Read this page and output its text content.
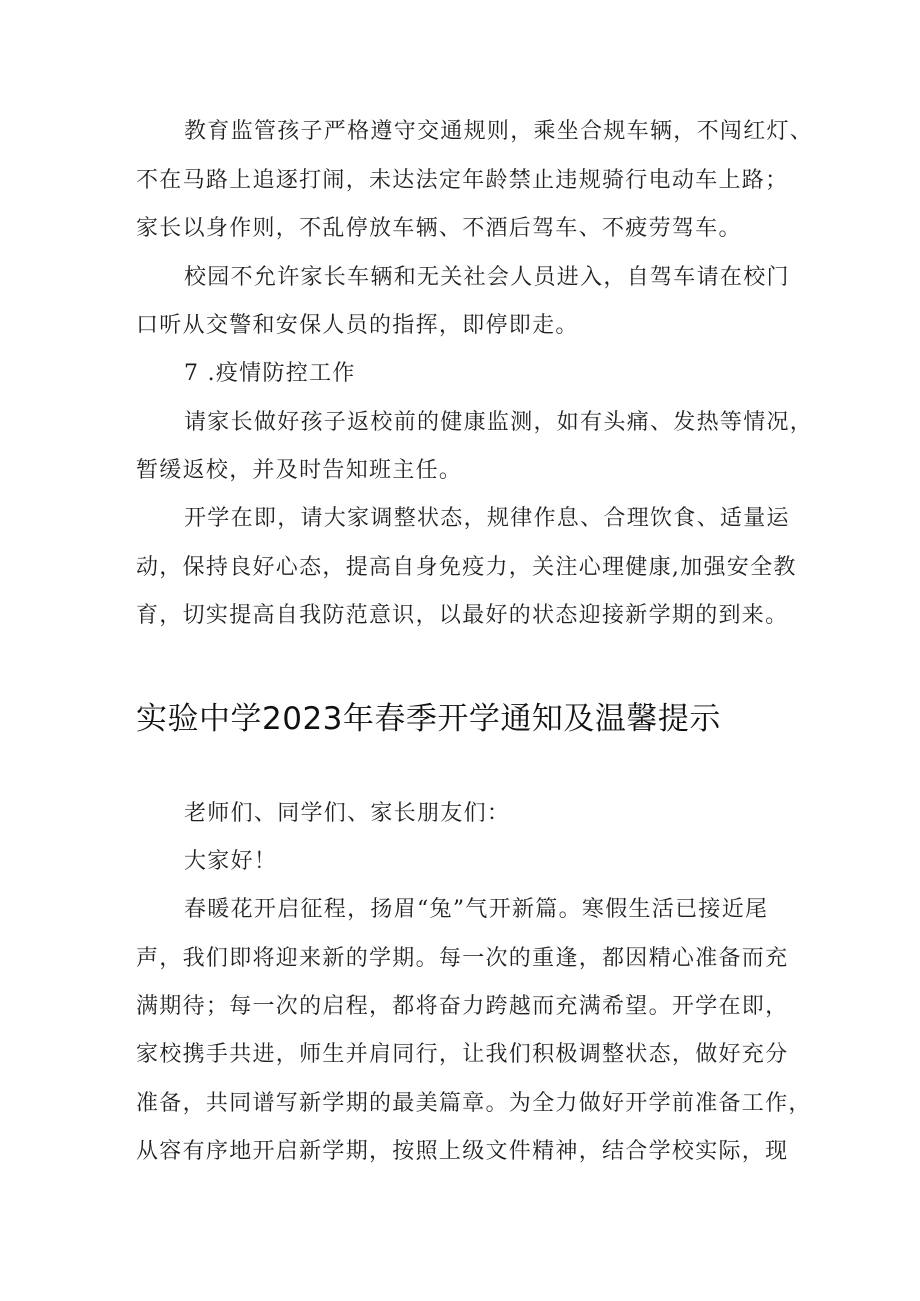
教育监管孩子严格遵守交通规则，乘坐合规车辆，不闯红灯、
不在马路上追逐打闹，未达法定年龄禁止违规骑行电动车上路；
家长以身作则，不乱停放车辆、不酒后驾车、不疲劳驾车。
校园不允许家长车辆和无关社会人员进入，自驾车请在校门
口听从交警和安保人员的指挥，即停即走。
7 .疫情防控工作
请家长做好孩子返校前的健康监测，如有头痛、发热等情况，
暂缓返校，并及时告知班主任。
开学在即，请大家调整状态，规律作息、合理饮食、适量运
动，保持良好心态，提高自身免疫力，关注心理健康,加强安全教
育，切实提高自我防范意识，以最好的状态迎接新学期的到来。
实验中学2023年春季开学通知及温馨提示
老师们、同学们、家长朋友们：
大家好！
春暖花开启征程，扬眉“兔”气开新篇。寒假生活已接近尾
声，我们即将迎来新的学期。每一次的重逢，都因精心准备而充
满期待；每一次的启程，都将奋力跨越而充满希望。开学在即，
家校携手共进，师生并肩同行，让我们积极调整状态，做好充分
准备，共同谱写新学期的最美篇章。为全力做好开学前准备工作，
从容有序地开启新学期，按照上级文件精神，结合学校实际，现
